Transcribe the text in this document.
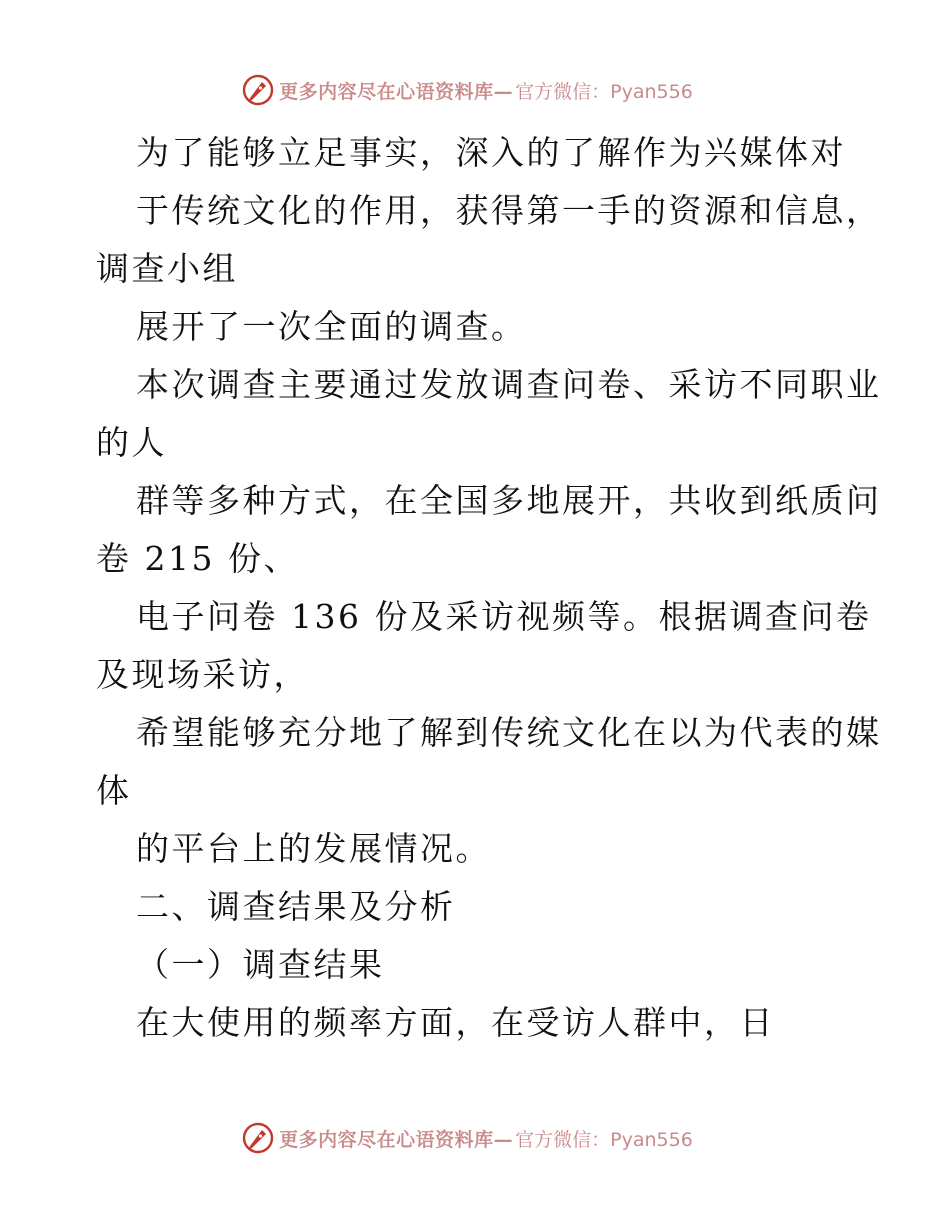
更多内容尽在心语资料库— 官方微信：Pyan556
为了能够立足事实，深入的了解作为兴媒体对
于传统文化的作用，获得第一手的资源和信息，
调查小组
展开了一次全面的调查。
本次调查主要通过发放调查问卷、采访不同职业
的人
群等多种方式，在全国多地展开，共收到纸质问
卷 215 份、
电子问卷 136 份及采访视频等。根据调查问卷
及现场采访，
希望能够充分地了解到传统文化在以为代表的媒
体
的平台上的发展情况。
二、调查结果及分析
（一）调查结果
在大使用的频率方面，在受访人群中，日
更多内容尽在心语资料库— 官方微信：Pyan556
